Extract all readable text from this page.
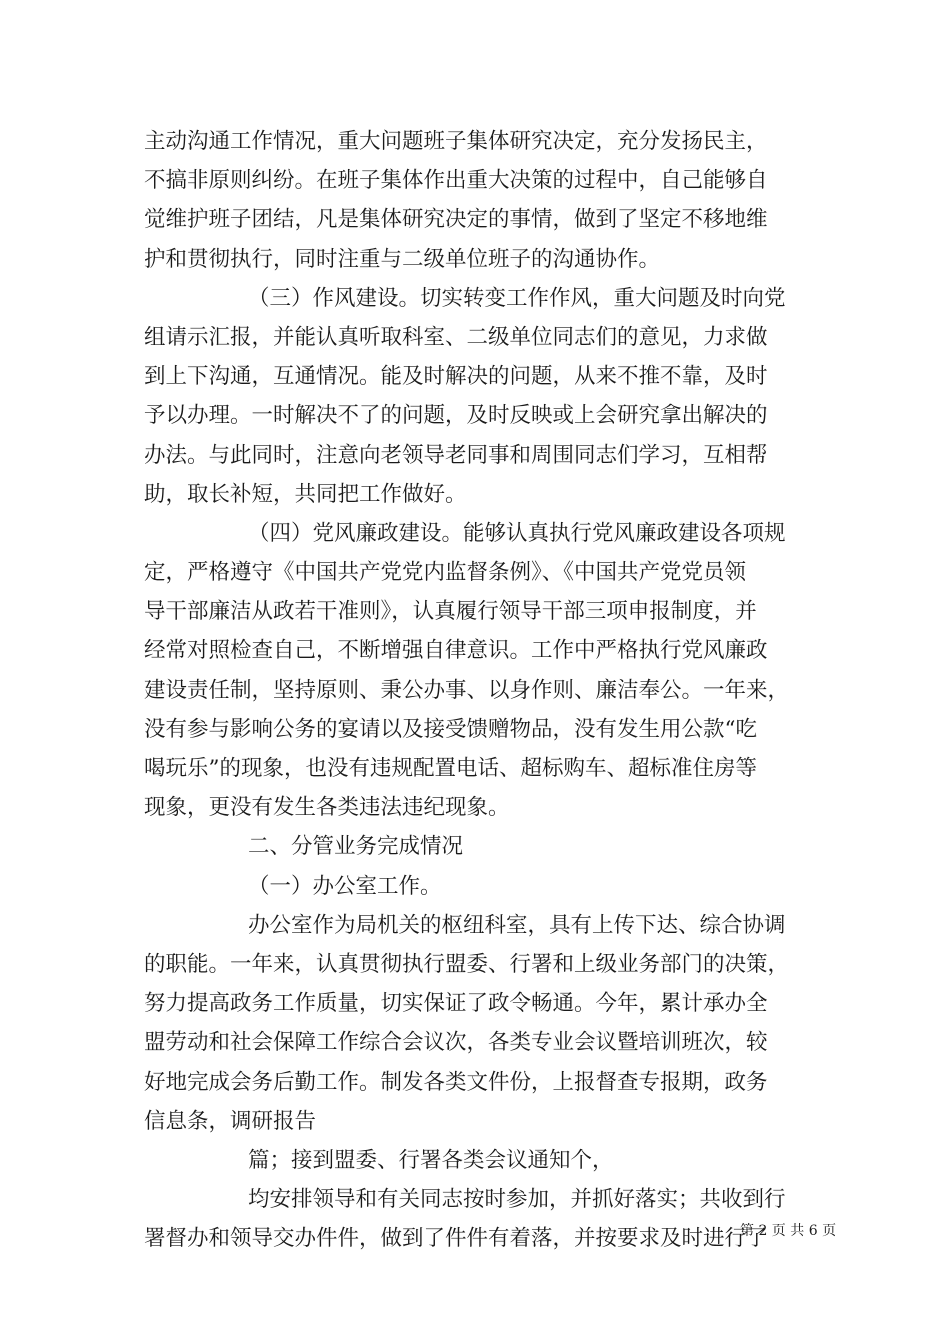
主动沟通工作情况，重大问题班子集体研究决定，充分发扬民主，
不搞非原则纠纷。在班子集体作出重大决策的过程中，自己能够自
觉维护班子团结，凡是集体研究决定的事情，做到了坚定不移地维
护和贯彻执行，同时注重与二级单位班子的沟通协作。
（三）作风建设。切实转变工作作风，重大问题及时向党
组请示汇报，并能认真听取科室、二级单位同志们的意见，力求做
到上下沟通，互通情况。能及时解决的问题，从来不推不靠，及时
予以办理。一时解决不了的问题，及时反映或上会研究拿出解决的
办法。与此同时，注意向老领导老同事和周围同志们学习，互相帮
助，取长补短，共同把工作做好。
（四）党风廉政建设。能够认真执行党风廉政建设各项规
定，严格遵守《中国共产党党内监督条例》、《中国共产党党员领
导干部廉洁从政若干准则》，认真履行领导干部三项申报制度，并
经常对照检查自己，不断增强自律意识。工作中严格执行党风廉政
建设责任制，坚持原则、秉公办事、以身作则、廉洁奉公。一年来，
没有参与影响公务的宴请以及接受馈赠物品，没有发生用公款“吃
喝玩乐”的现象，也没有违规配置电话、超标购车、超标准住房等
现象，更没有发生各类违法违纪现象。
二、分管业务完成情况
（一）办公室工作。
办公室作为局机关的枢纽科室，具有上传下达、综合协调
的职能。一年来，认真贯彻执行盟委、行署和上级业务部门的决策，
努力提高政务工作质量，切实保证了政令畅通。今年，累计承办全
盟劳动和社会保障工作综合会议次，各类专业会议暨培训班次，较
好地完成会务后勤工作。制发各类文件份，上报督查专报期，政务
信息条，调研报告
篇；接到盟委、行署各类会议通知个，
均安排领导和有关同志按时参加，并抓好落实；共收到行
署督办和领导交办件件，做到了件件有着落，并按要求及时进行了
第 2 页 共 6 页
